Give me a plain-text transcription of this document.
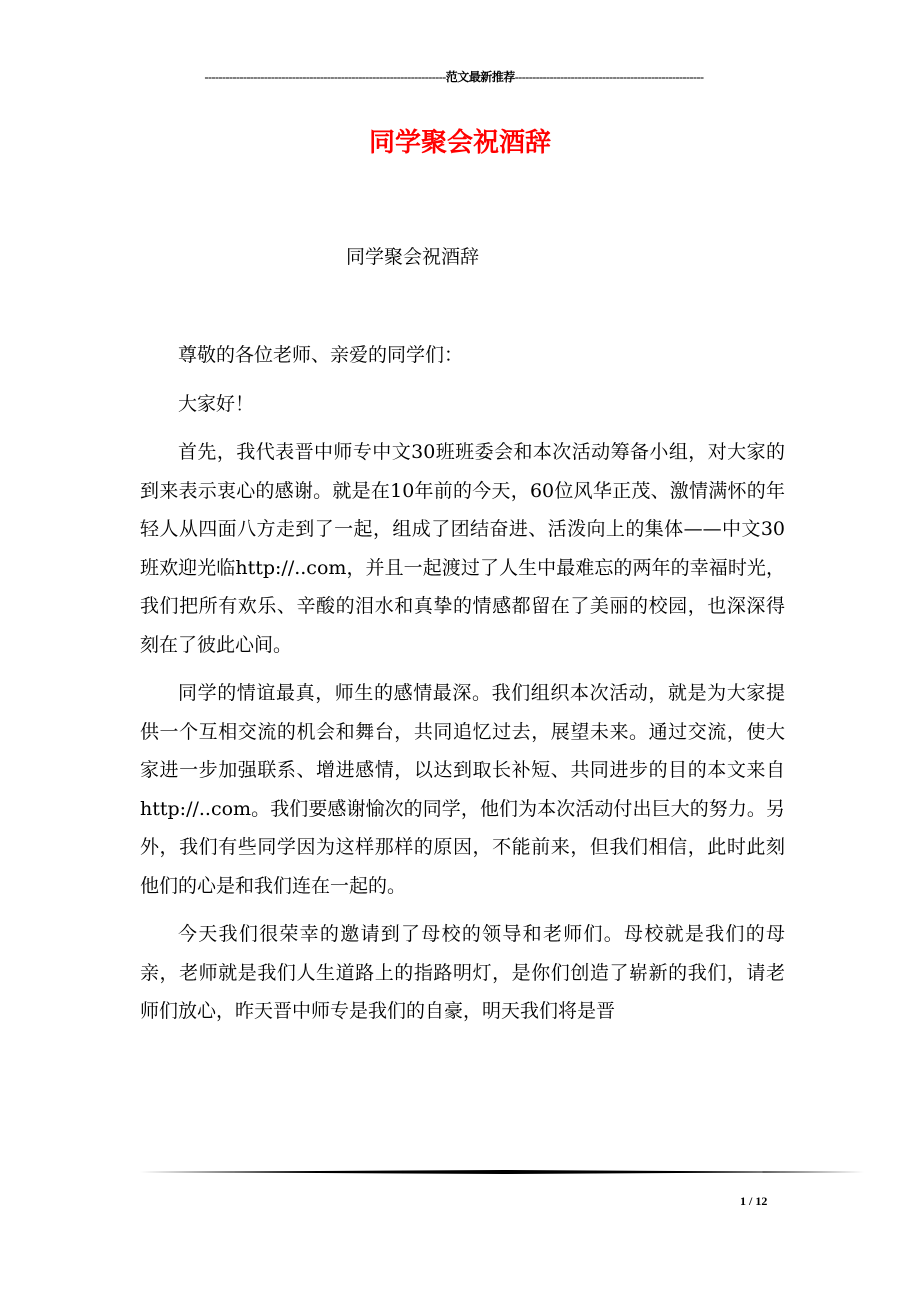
---------------------------------------------------------------------范文最新推荐------------------------------------------------------
同学聚会祝酒辞
同学聚会祝酒辞

尊敬的各位老师、亲爱的同学们：

大家好！

首先，我代表晋中师专中文30班班委会和本次活动筹备小组，对大家的到来表示衷心的感谢。就是在10年前的今天，60位风华正茂、激情满怀的年轻人从四面八方走到了一起，组成了团结奋进、活泼向上的集体——中文30班欢迎光临http://..com，并且一起渡过了人生中最难忘的两年的幸福时光，我们把所有欢乐、辛酸的泪水和真挚的情感都留在了美丽的校园，也深深得刻在了彼此心间。

同学的情谊最真，师生的感情最深。我们组织本次活动，就是为大家提供一个互相交流的机会和舞台，共同追忆过去，展望未来。通过交流，使大家进一步加强联系、增进感情，以达到取长补短、共同进步的目的本文来自http://..com。我们要感谢愉次的同学，他们为本次活动付出巨大的努力。另外，我们有些同学因为这样那样的原因，不能前来，但我们相信，此时此刻他们的心是和我们连在一起的。

今天我们很荣幸的邀请到了母校的领导和老师们。母校就是我们的母亲，老师就是我们人生道路上的指路明灯，是你们创造了崭新的我们，请老师们放心，昨天晋中师专是我们的自豪，明天我们将是晋

1 / 12
